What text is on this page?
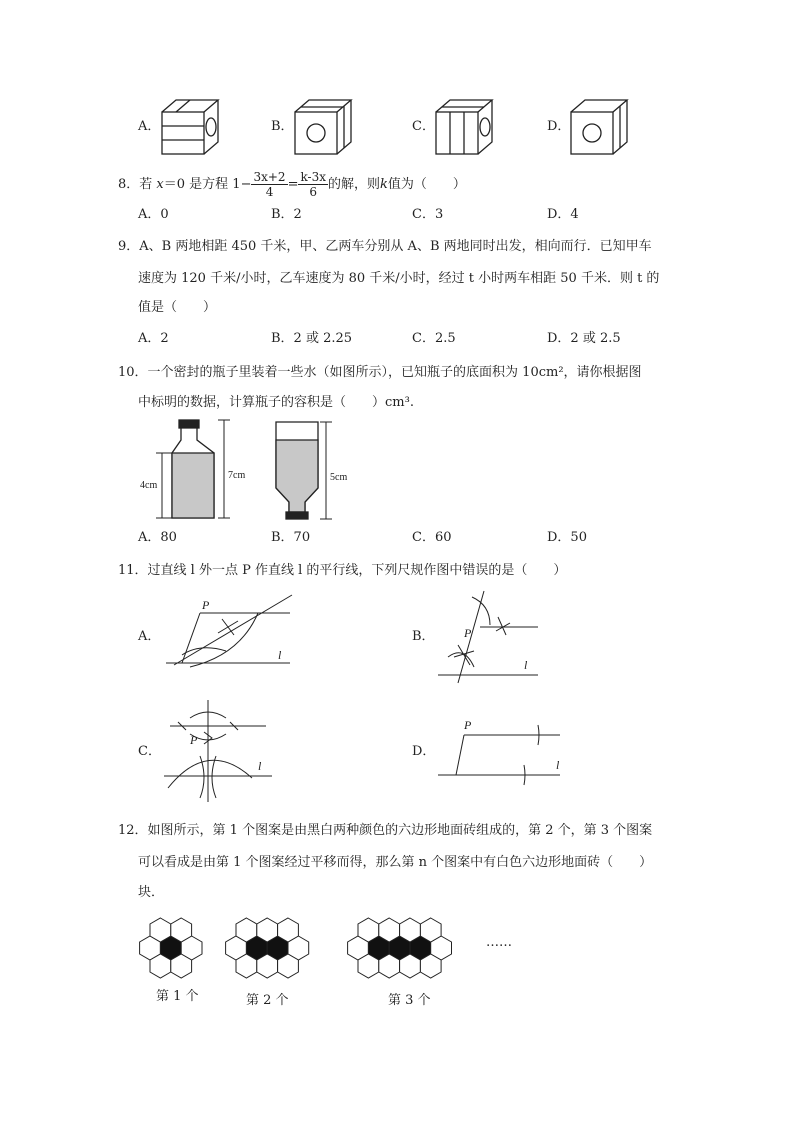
A．	B．	C．	D．
8．若 x＝0 是方程 $1- \frac{3x+2}{4} = \frac{k-3x}{6}$ 的解，则k值为（　　）
A．0	B．2	C．3	D．4
9．A、B 两地相距 450 千米，甲、乙两车分别从 A、B 两地同时出发，相向而行．已知甲车
速度为 120 千米/小时，乙车速度为 80 千米/小时，经过 t 小时两车相距 50 千米．则 t 的
值是（　　）
A．2	B．2 或 2.25	C．2.5	D．2 或 2.5
10．一个密封的瓶子里装着一些水（如图所示），已知瓶子的底面积为 10cm²，请你根据图
中标明的数据，计算瓶子的容积是（　　）cm³.
4cm
7cm	5cm
A．80	B．70	C．60	D．50
11．过直线 l 外一点 P 作直线 l 的平行线，下列尺规作图中错误的是（　　）
A．
P
l
B． P
l
C．
P
l
D．
P
l
12．如图所示，第 1 个图案是由黑白两种颜色的六边形地面砖组成的，第 2 个，第 3 个图案
可以看成是由第 1 个图案经过平移而得，那么第 n 个图案中有白色六边形地面砖（　　）
块．
第 1 个	第 2 个	第 3 个
……
